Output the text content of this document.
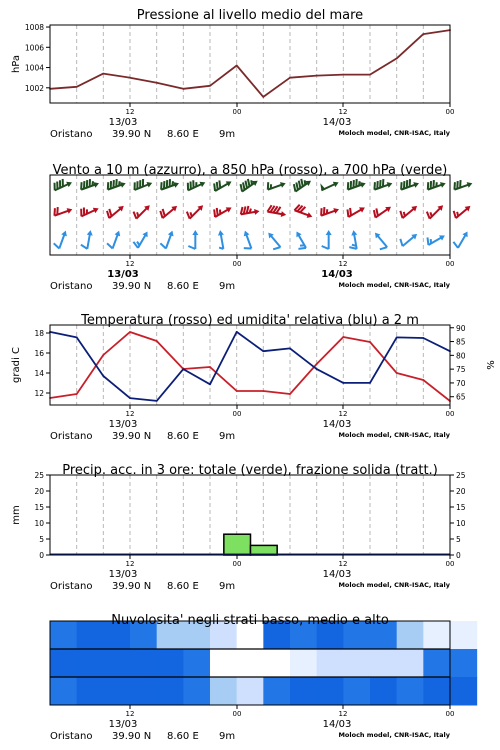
12	00	12	00
13/03	14/03
Oristano 39.90 N 8.60 E 9m	Moloch model, CNR-ISAC, Italy
Pressione al livello medio del mare
1002
1004
1006
1008
hPa
12	00	12	00
13/03	14/03
Oristano 39.90 N 8.60 E 9m	Moloch model, CNR-ISAC, Italy
Vento a 10 m (azzurro), a 850 hPa (rosso), a 700 hPa (verde)
12	00	12	00
13/03	14/03
Oristano 39.90 N 8.60 E 9m	Moloch model, CNR-ISAC, Italy
Temperatura (rosso) ed umidita' relativa (blu) a 2 m
12
14
16
18
65
70
75
80
85
90
gradi C	%
Precip. acc. in 3 ore: totale (verde), frazione solida (tratt.)
0
5
10
15
20
25
mm
0
5
10
15
20
25
12	00	12	00
13/03	14/03
Oristano 39.90 N 8.60 E 9m	Moloch model, CNR-ISAC, Italy
Nuvolosita' negli strati basso, medio e alto
12	00	12	00
13/03	14/03
Oristano 39.90 N 8.60 E 9m	Moloch model, CNR-ISAC, Italy
